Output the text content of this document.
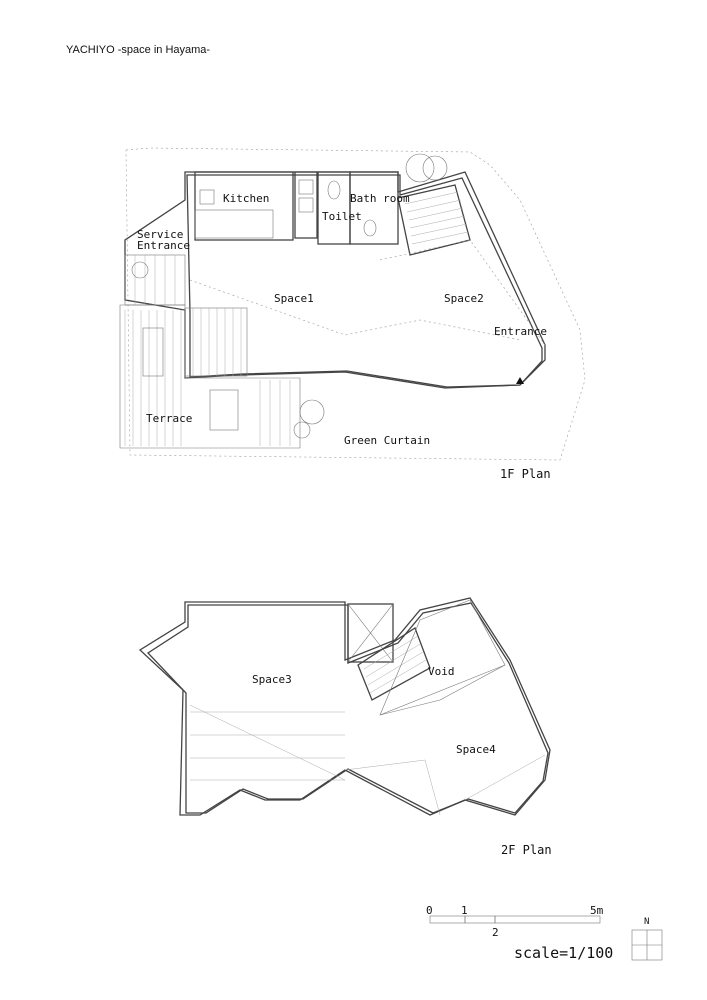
YACHIYO -space in Hayama-
Kitchen	Bath room
Toilet
Service
Entrance
Space1	Space2
Entrance
Terrace
Green Curtain
1F Plan
Space3
Void
Space4
2F Plan
0	1
2
5m
scale=1/100
N
